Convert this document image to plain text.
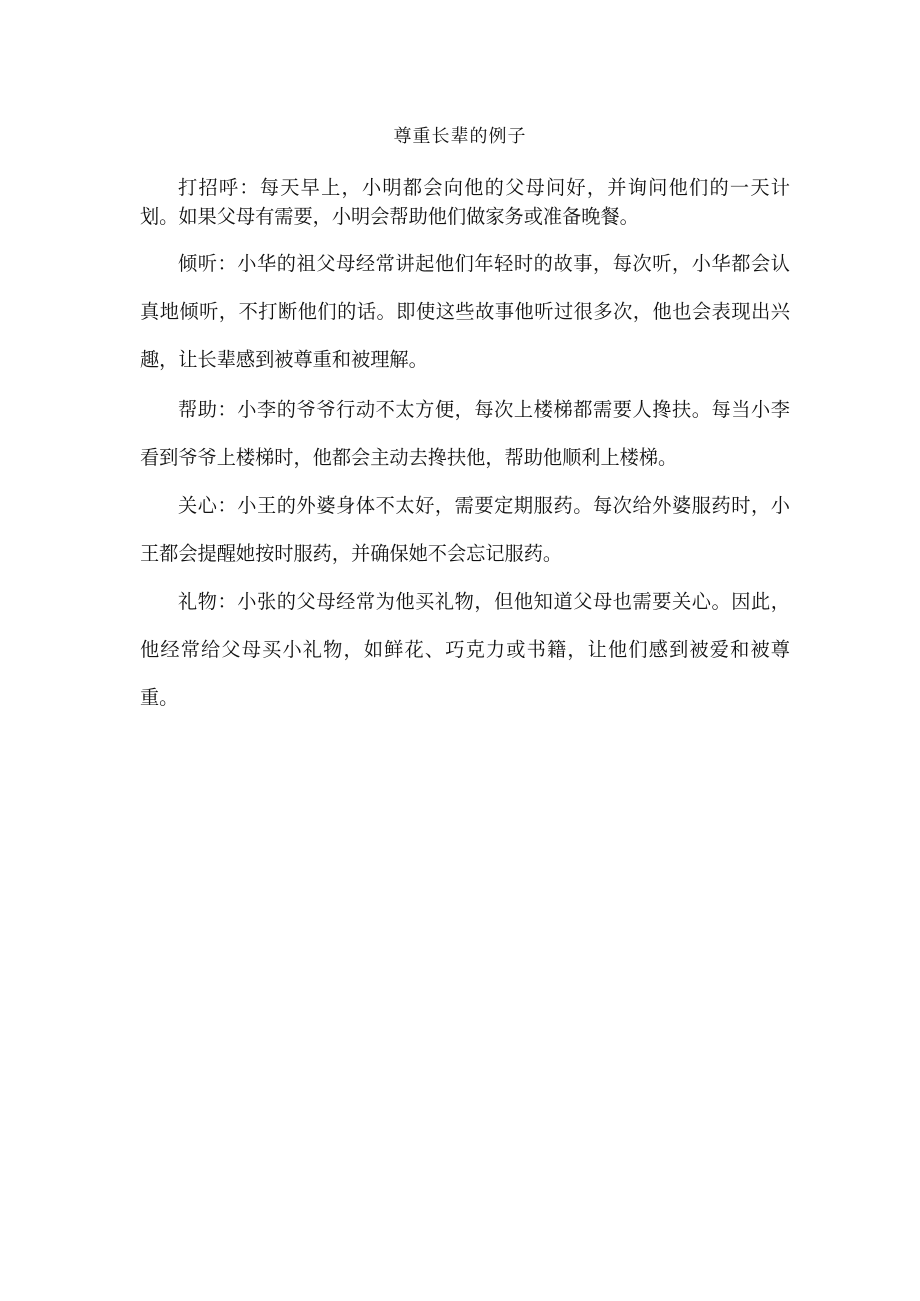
尊重长辈的例子

打招呼：每天早上，小明都会向他的父母问好，并询问他们的一天计划。如果父母有需要，小明会帮助他们做家务或准备晚餐。

倾听：小华的祖父母经常讲起他们年轻时的故事，每次听，小华都会认真地倾听，不打断他们的话。即使这些故事他听过很多次，他也会表现出兴趣，让长辈感到被尊重和被理解。

帮助：小李的爷爷行动不太方便，每次上楼梯都需要人搀扶。每当小李看到爷爷上楼梯时，他都会主动去搀扶他，帮助他顺利上楼梯。

关心：小王的外婆身体不太好，需要定期服药。每次给外婆服药时，小王都会提醒她按时服药，并确保她不会忘记服药。

礼物：小张的父母经常为他买礼物，但他知道父母也需要关心。因此，他经常给父母买小礼物，如鲜花、巧克力或书籍，让他们感到被爱和被尊重。
